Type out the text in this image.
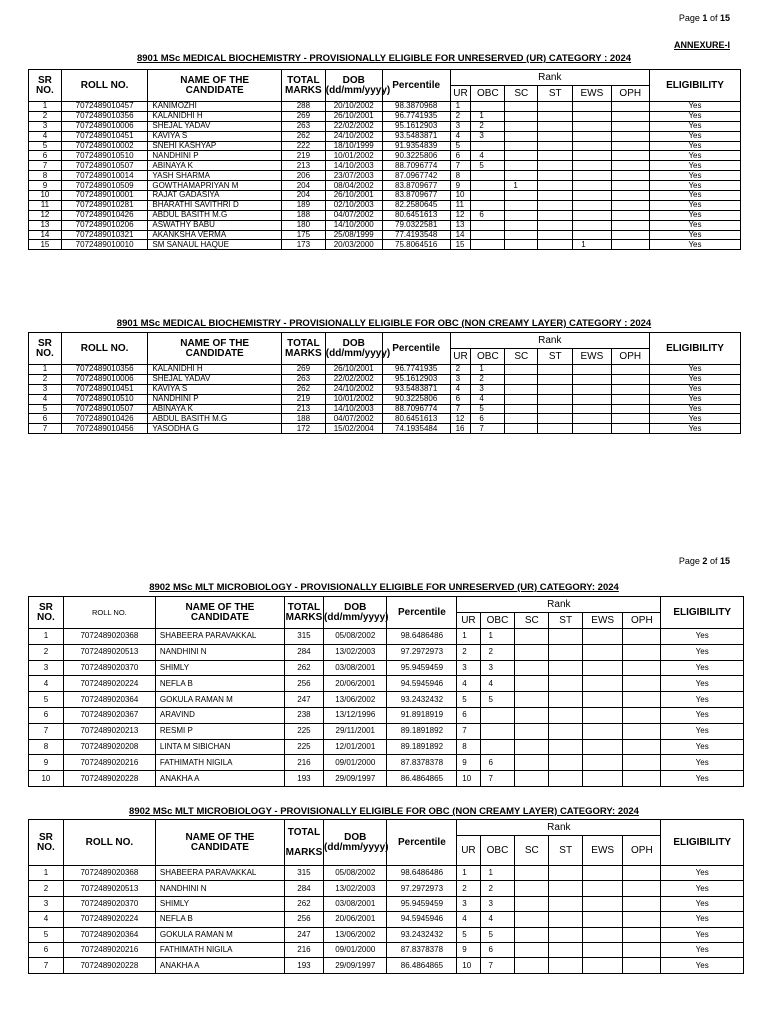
Page 1 of 15
ANNEXURE-I
8901 MSc MEDICAL BIOCHEMISTRY - PROVISIONALLY ELIGIBLE FOR UNRESERVED (UR) CATEGORY : 2024
SR
NO.	ROLL NO.	NAME OF THE
CANDIDATE	TOTAL
MARKS	DOB
(dd/mm/yyyy)	Percentile	Rank						ELIGIBILITY
						UR	OBC	SC	ST	EWS	OPH	
1	7072489010457	KANIMOZHI	288	20/10/2002	98.3870968	1						Yes
2	7072489010356	KALANIDHI H	269	26/10/2001	96.7741935	2	1					Yes
3	7072489010006	SHEJAL YADAV	263	22/02/2002	95.1612903	3	2					Yes
4	7072489010451	KAVIYA S	262	24/10/2002	93.5483871	4	3					Yes
5	7072489010002	SNEHI KASHYAP	222	18/10/1999	91.9354839	5						Yes
6	7072489010510	NANDHINI P	219	10/01/2002	90.3225806	6	4					Yes
7	7072489010507	ABINAYA K	213	14/10/2003	88.7096774	7	5					Yes
8	7072489010014	YASH SHARMA	206	23/07/2003	87.0967742	8						Yes
9	7072489010509	GOWTHAMAPRIYAN M	204	08/04/2002	83.8709677	9		1				Yes
10	7072489010001	RAJAT GADASIYA	204	26/10/2001	83.8709677	10						Yes
11	7072489010281	BHARATHI SAVITHRI D	189	02/10/2003	82.2580645	11						Yes
12	7072489010426	ABDUL BASITH M.G	188	04/07/2002	80.6451613	12	6					Yes
13	7072489010206	ASWATHY BABU	180	14/10/2000	79.0322581	13						Yes
14	7072489010321	AKANKSHA VERMA	175	25/08/1999	77.4193548	14						Yes
15	7072489010010	SM SANAUL HAQUE	173	20/03/2000	75.8064516	15				1		Yes
8901 MSc MEDICAL BIOCHEMISTRY - PROVISIONALLY ELIGIBLE FOR OBC (NON CREAMY LAYER) CATEGORY : 2024
SR
NO.	ROLL NO.	NAME OF THE
CANDIDATE	TOTAL
MARKS	DOB
(dd/mm/yyyy)	Percentile	Rank						ELIGIBILITY
						UR	OBC	SC	ST	EWS	OPH	
1	7072489010356	KALANIDHI H	269	26/10/2001	96.7741935	2	1					Yes
2	7072489010006	SHEJAL YADAV	263	22/02/2002	95.1612903	3	2					Yes
3	7072489010451	KAVIYA S	262	24/10/2002	93.5483871	4	3					Yes
4	7072489010510	NANDHINI P	219	10/01/2002	90.3225806	6	4					Yes
5	7072489010507	ABINAYA K	213	14/10/2003	88.7096774	7	5					Yes
6	7072489010426	ABDUL BASITH M.G	188	04/07/2002	80.6451613	12	6					Yes
7	7072489010456	YASODHA G	172	15/02/2004	74.1935484	16	7					Yes
Page 2 of 15
8902 MSc MLT MICROBIOLOGY - PROVISIONALLY ELIGIBLE FOR UNRESERVED (UR) CATEGORY: 2024
SR
NO.	ROLL NO.	NAME OF THE
CANDIDATE	TOTAL
MARKS	DOB
(dd/mm/yyyy)	Percentile	Rank						ELIGIBILITY
						UR	OBC	SC	ST	EWS	OPH	
1	7072489020368	SHABEERA PARAVAKKAL	315	05/08/2002	98.6486486	1	1					Yes
2	7072489020513	NANDHINI N	284	13/02/2003	97.2972973	2	2					Yes
3	7072489020370	SHIMLY	262	03/08/2001	95.9459459	3	3					Yes
4	7072489020224	NEFLA B	256	20/06/2001	94.5945946	4	4					Yes
5	7072489020364	GOKULA RAMAN M	247	13/06/2002	93.2432432	5	5					Yes
6	7072489020367	ARAVIND	238	13/12/1996	91.8918919	6						Yes
7	7072489020213	RESMI P	225	29/11/2001	89.1891892	7						Yes
8	7072489020208	LINTA M SIBICHAN	225	12/01/2001	89.1891892	8						Yes
9	7072489020216	FATHIMATH NIGILA	216	09/01/2000	87.8378378	9	6					Yes
10	7072489020228	ANAKHA A	193	29/09/1997	86.4864865	10	7					Yes
8902 MSc MLT MICROBIOLOGY - PROVISIONALLY ELIGIBLE FOR OBC (NON CREAMY LAYER) CATEGORY: 2024
SR
NO.	ROLL NO.	NAME OF THE
CANDIDATE	TOTAL

MARKS	DOB
(dd/mm/yyyy)	Percentile	Rank						ELIGIBILITY
						UR	OBC	SC	ST	EWS	OPH	
1	7072489020368	SHABEERA PARAVAKKAL	315	05/08/2002	98.6486486	1	1					Yes
2	7072489020513	NANDHINI N	284	13/02/2003	97.2972973	2	2					Yes
3	7072489020370	SHIMLY	262	03/08/2001	95.9459459	3	3					Yes
4	7072489020224	NEFLA B	256	20/06/2001	94.5945946	4	4					Yes
5	7072489020364	GOKULA RAMAN M	247	13/06/2002	93.2432432	5	5					Yes
6	7072489020216	FATHIMATH NIGILA	216	09/01/2000	87.8378378	9	6					Yes
7	7072489020228	ANAKHA A	193	29/09/1997	86.4864865	10	7					Yes
